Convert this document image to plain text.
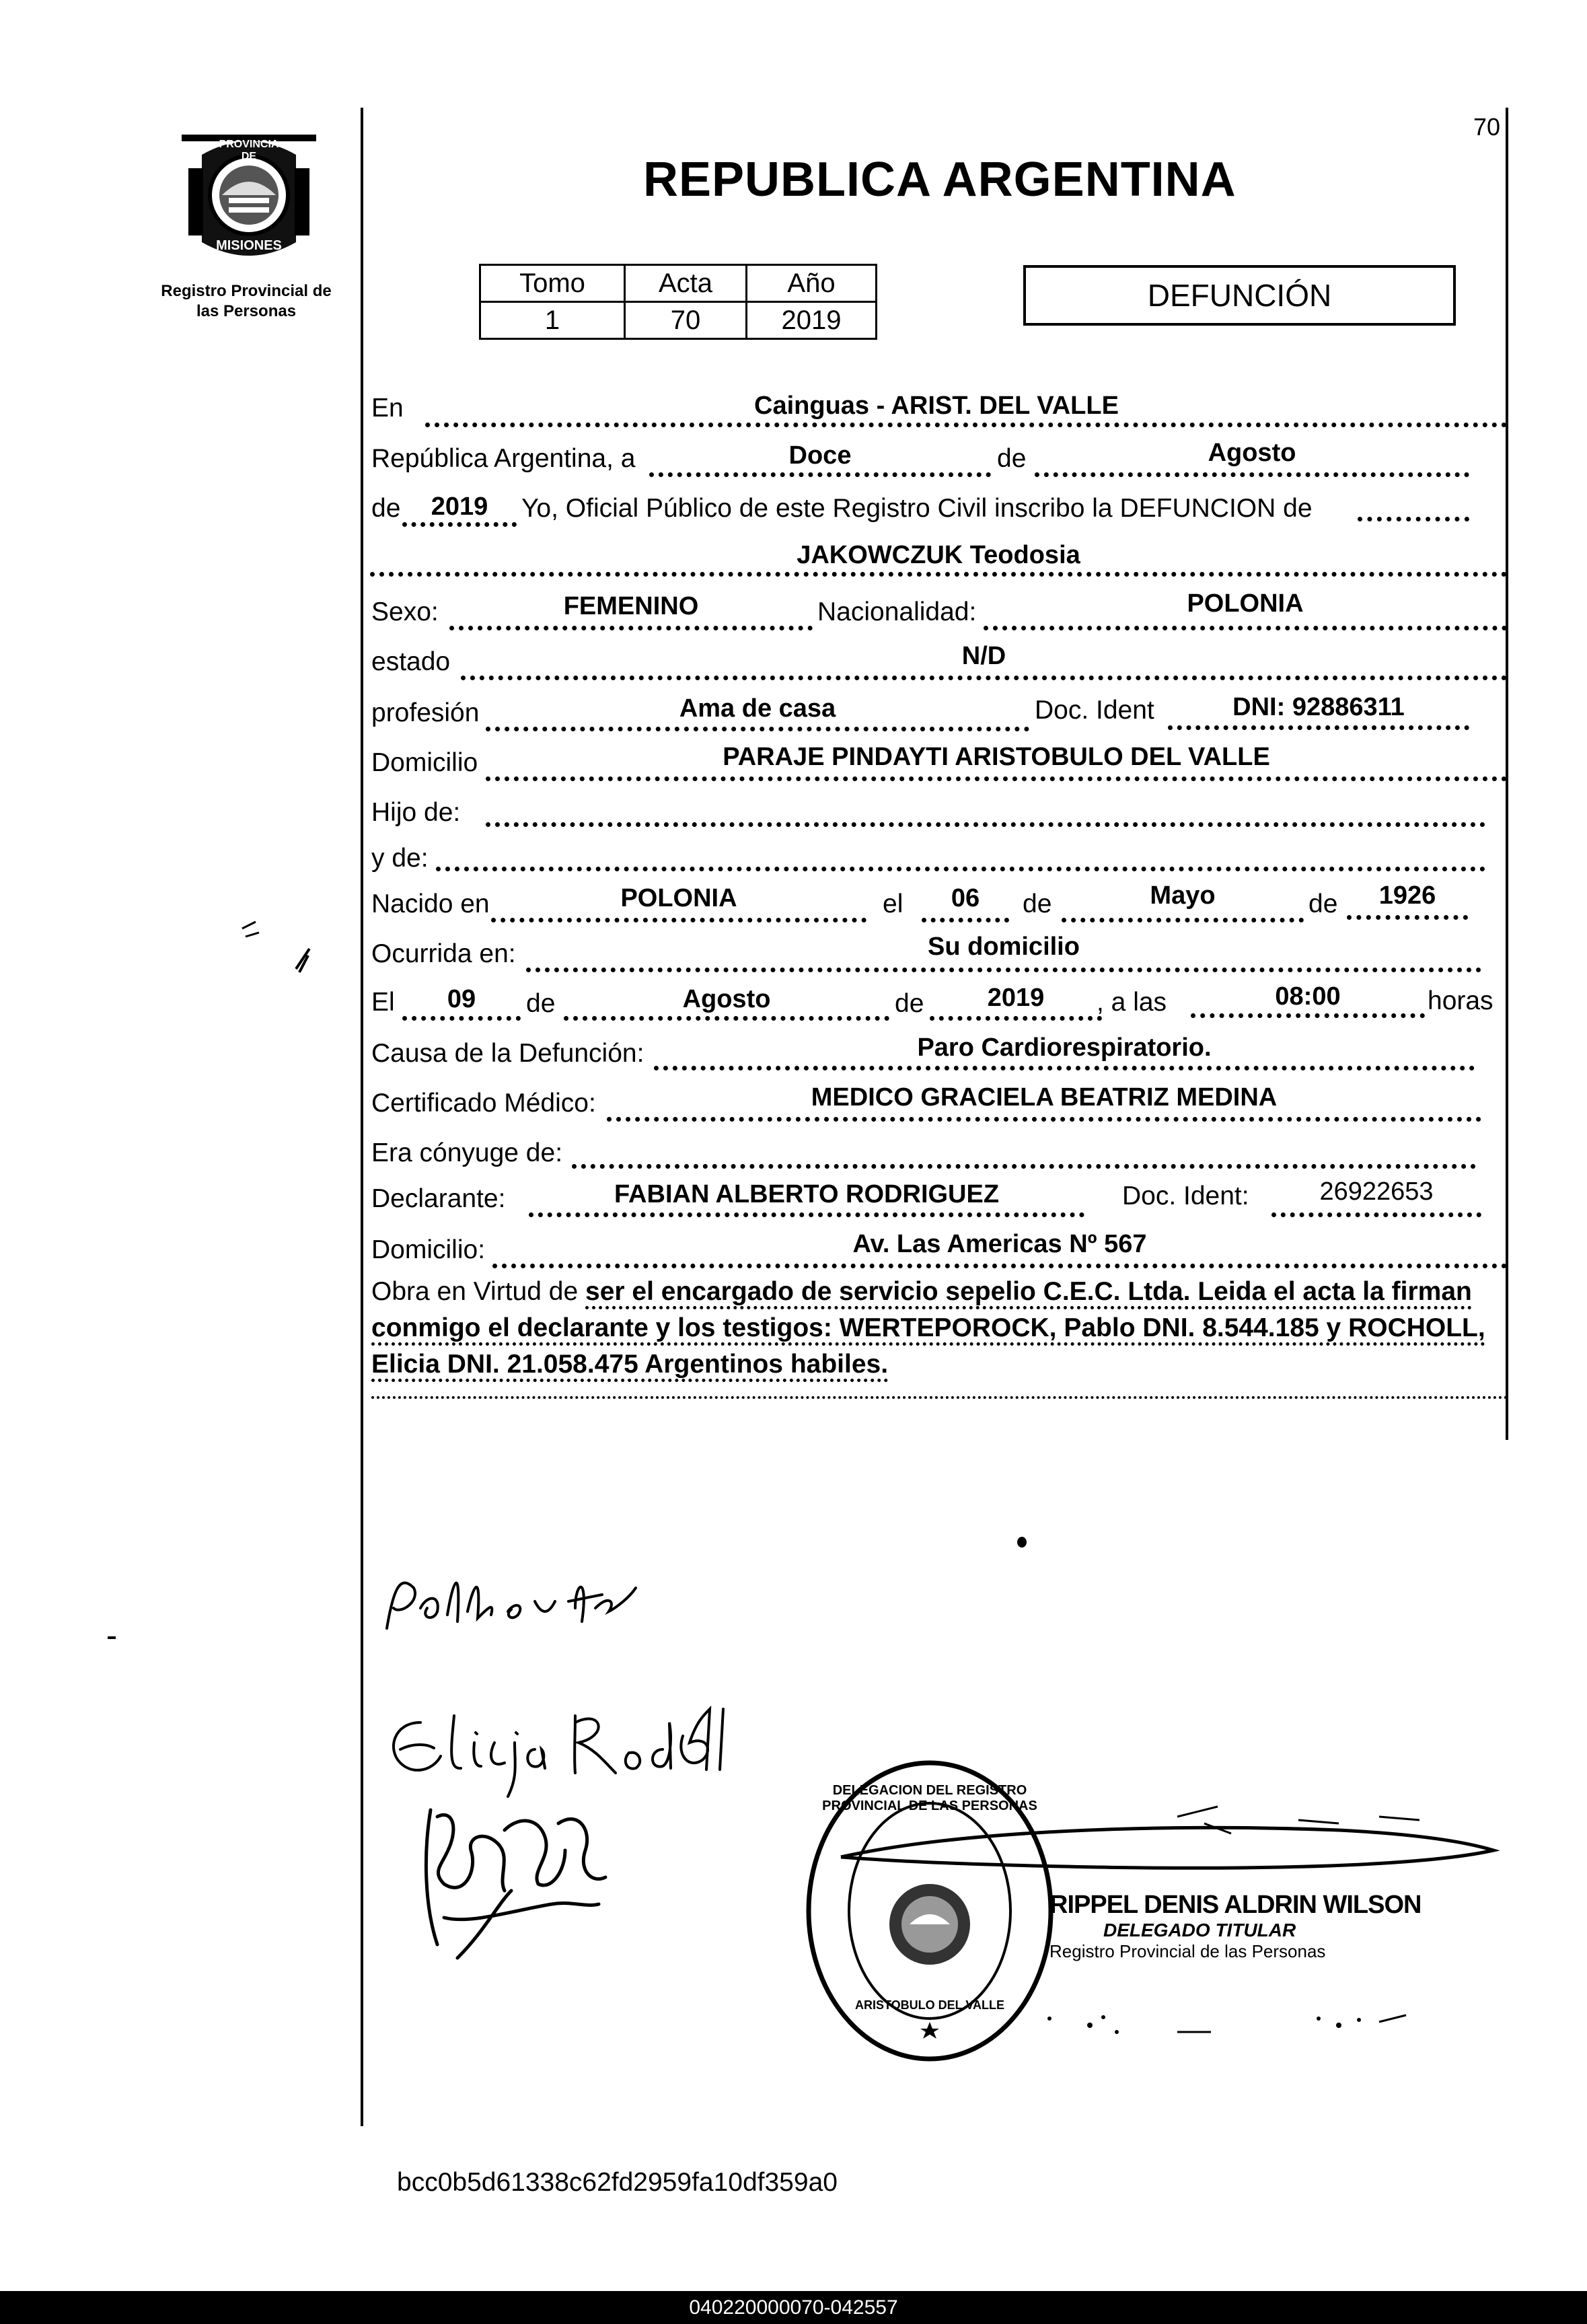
70
PROVINCIA DE
MISIONES
Registro Provincial de
las Personas
REPUBLICA ARGENTINA
Tomo	Acta	Año
1	70	2019
DEFUNCIÓN
En	Cainguas - ARIST. DEL VALLE
República Argentina, a	Doce	de	Agosto
de	2019	Yo, Oficial Público de este Registro Civil inscribo la DEFUNCION de
JAKOWCZUK Teodosia
Sexo:	FEMENINO	Nacionalidad:	POLONIA
estado	N/D
profesión	Ama de casa	Doc. Ident	DNI: 92886311
Domicilio	PARAJE PINDAYTI ARISTOBULO DEL VALLE
Hijo de:
y de:
Nacido en	POLONIA	el	06	de	Mayo	de	1926
Ocurrida en:	Su domicilio
El	09	de	Agosto	de	2019	, a las	08:00	horas
Causa de la Defunción:	Paro Cardiorespiratorio.
Certificado Médico:	MEDICO GRACIELA BEATRIZ MEDINA
Era cónyuge de:
Declarante:	FABIAN ALBERTO RODRIGUEZ	Doc. Ident:	26922653
Domicilio:	Av. Las Americas Nº 567
Obra en Virtud de ser el encargado de servicio sepelio C.E.C. Ltda. Leida el acta la firman conmigo el declarante y los testigos: WERTEPOROCK, Pablo DNI. 8.544.185 y ROCHOLL, Elicia DNI. 21.058.475 Argentinos habiles.
DELEGACION DEL REGISTRO PROVINCIAL DE LAS PERSONAS
ARISTOBULO DEL VALLE
RIPPEL DENIS ALDRIN WILSON
DELEGADO TITULAR
Registro Provincial de las Personas
bcc0b5d61338c62fd2959fa10df359a0
040220000070-042557
